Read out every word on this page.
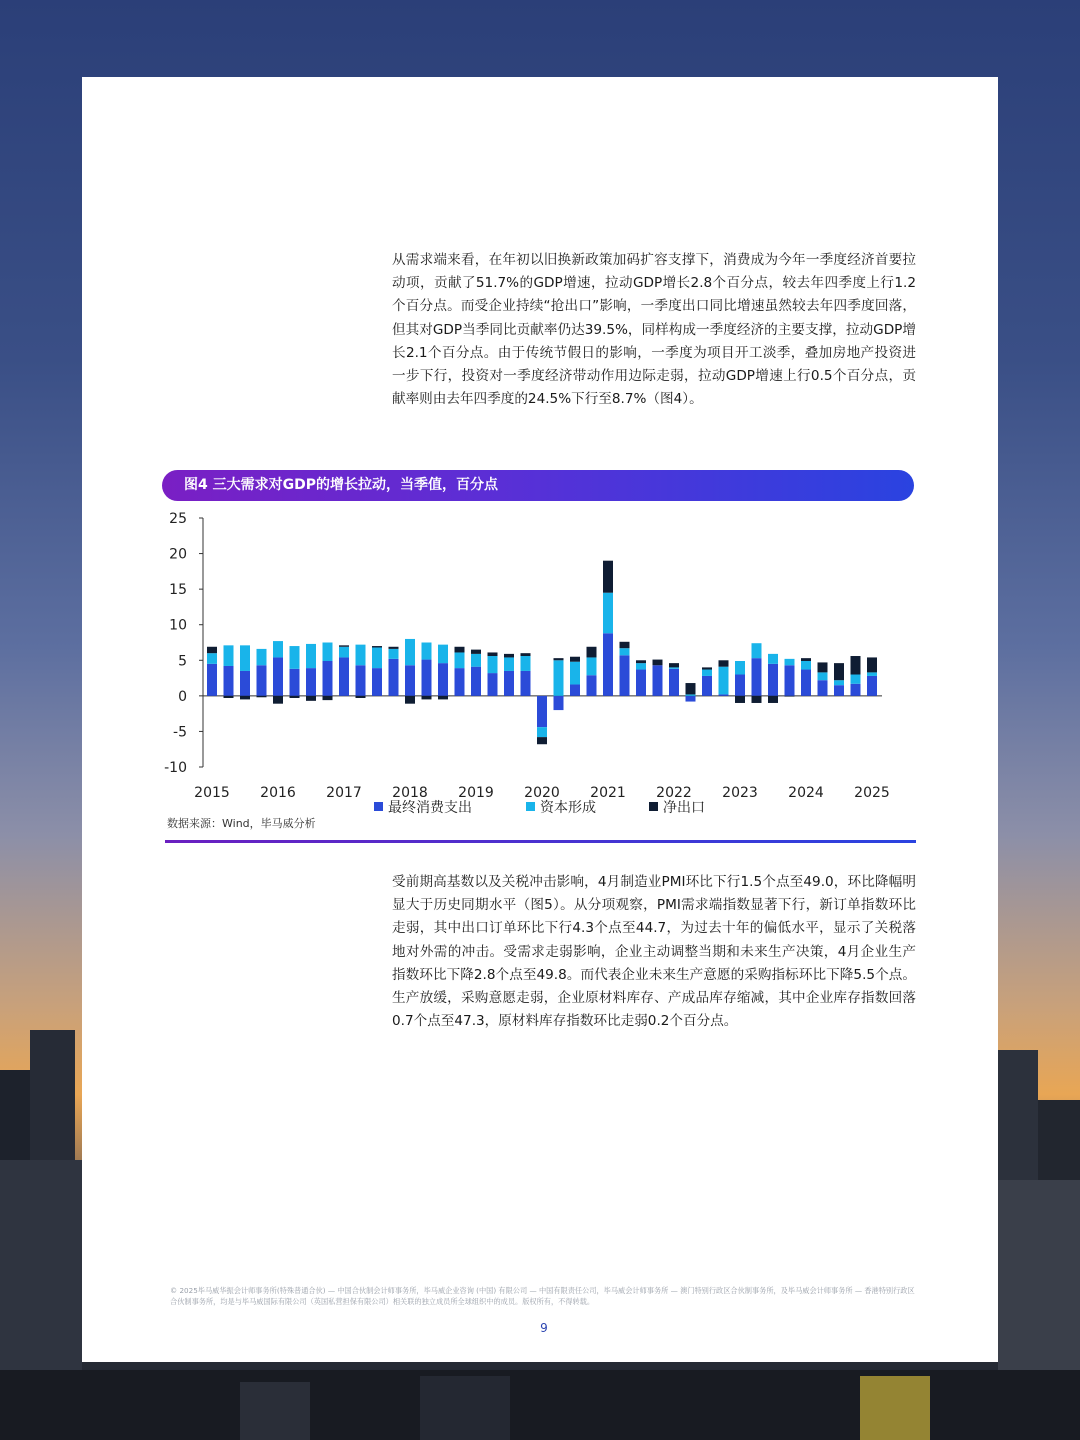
从需求端来看，在年初以旧换新政策加码扩容支撑下，消费成为今年一季度经济首要拉动项，贡献了51.7%的GDP增速，拉动GDP增长2.8个百分点，较去年四季度上行1.2个百分点。而受企业持续“抢出口”影响，一季度出口同比增速虽然较去年四季度回落，但其对GDP当季同比贡献率仍达39.5%，同样构成一季度经济的主要支撑，拉动GDP增长2.1个百分点。由于传统节假日的影响，一季度为项目开工淡季，叠加房地产投资进一步下行，投资对一季度经济带动作用边际走弱，拉动GDP增速上行0.5个百分点，贡献率则由去年四季度的24.5%下行至8.7%（图4）。
图4 三大需求对GDP的增长拉动，当季值，百分点
25
20
15
10
5
0
-5
-10
2015 2016 2017 2018 2019 2020 2021 2022 2023 2024 2025
最终消费支出	资本形成	净出口
数据来源：Wind，毕马威分析
受前期高基数以及关税冲击影响，4月制造业PMI环比下行1.5个点至49.0，环比降幅明显大于历史同期水平（图5）。从分项观察，PMI需求端指数显著下行，新订单指数环比走弱，其中出口订单环比下行4.3个点至44.7，为过去十年的偏低水平，显示了关税落地对外需的冲击。受需求走弱影响，企业主动调整当期和未来生产决策，4月企业生产指数环比下降2.8个点至49.8。而代表企业未来生产意愿的采购指标环比下降5.5个点。生产放缓，采购意愿走弱，企业原材料库存、产成品库存缩减，其中企业库存指数回落0.7个点至47.3，原材料库存指数环比走弱0.2个百分点。
© 2025毕马威华振会计师事务所(特殊普通合伙) — 中国合伙制会计师事务所，毕马威企业咨询 (中国) 有限公司 — 中国有限责任公司，毕马威会计师事务所 — 澳门特别行政区合伙制事务所，及毕马威会计师事务所 — 香港特别行政区合伙制事务所，均是与毕马威国际有限公司（英国私营担保有限公司）相关联的独立成员所全球组织中的成员。版权所有，不得转载。
9
